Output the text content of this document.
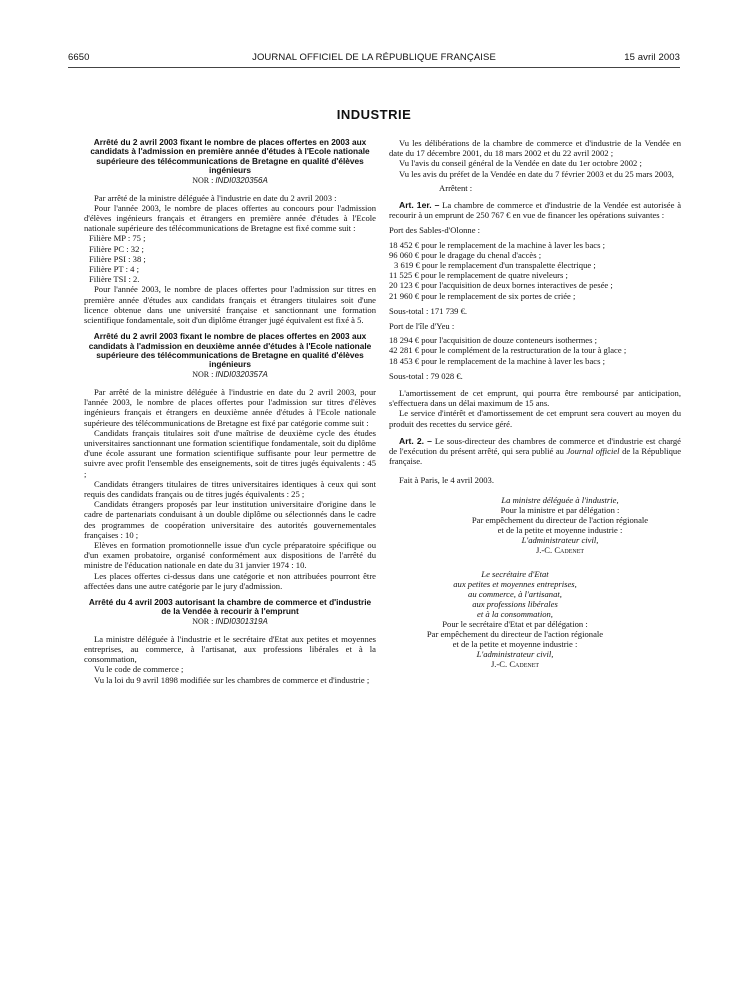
6650	JOURNAL OFFICIEL DE LA RÉPUBLIQUE FRANÇAISE	15 avril 2003
INDUSTRIE
Arrêté du 2 avril 2003 fixant le nombre de places offertes en 2003 aux candidats à l'admission en première année d'études à l'Ecole nationale supérieure des télécommunications de Bretagne en qualité d'élèves ingénieurs
NOR : INDI0320356A

Par arrêté de la ministre déléguée à l'industrie en date du 2 avril 2003 :

Pour l'année 2003, le nombre de places offertes au concours pour l'admission d'élèves ingénieurs français et étrangers en première année d'études à l'Ecole nationale supérieure des télécommunications de Bretagne est fixé comme suit :

Filière MP : 75 ;

Filière PC : 32 ;

Filière PSI : 38 ;

Filière PT : 4 ;

Filière TSI : 2.

Pour l'année 2003, le nombre de places offertes pour l'admission sur titres en première année d'études aux candidats français et étrangers titulaires soit d'une licence obtenue dans une université française et sanctionnant une formation scientifique fondamentale, soit d'un diplôme étranger jugé équivalent est fixé à 5.

Arrêté du 2 avril 2003 fixant le nombre de places offertes en 2003 aux candidats à l'admission en deuxième année d'études à l'Ecole nationale supérieure des télécommunications de Bretagne en qualité d'élèves ingénieurs
NOR : INDI0320357A

Par arrêté de la ministre déléguée à l'industrie en date du 2 avril 2003, pour l'année 2003, le nombre de places offertes pour l'admission sur titres d'élèves ingénieurs français et étrangers en deuxième année d'études à l'Ecole nationale supérieure des télécommunications de Bretagne est fixé par catégorie comme suit :

Candidats français titulaires soit d'une maîtrise de deuxième cycle des études universitaires sanctionnant une formation scientifique fondamentale, soit du diplôme d'une école assurant une formation scientifique suffisante pour leur permettre de suivre avec profit l'ensemble des enseignements, soit de titres jugés équivalents : 45 ;

Candidats étrangers titulaires de titres universitaires identiques à ceux qui sont requis des candidats français ou de titres jugés équivalents : 25 ;

Candidats étrangers proposés par leur institution universitaire d'origine dans le cadre de partenariats conduisant à un double diplôme ou sélectionnés dans le cadre des programmes de coopération universitaire des autorités gouvernementales françaises : 10 ;

Elèves en formation promotionnelle issue d'un cycle préparatoire spécifique ou d'un examen probatoire, organisé conformément aux dispositions de l'arrêté du ministre de l'éducation nationale en date du 31 janvier 1974 : 10.

Les places offertes ci-dessus dans une catégorie et non attribuées pourront être affectées dans une autre catégorie par le jury d'admission.

Arrêté du 4 avril 2003 autorisant la chambre de commerce et d'industrie de la Vendée à recourir à l'emprunt
NOR : INDI0301319A

La ministre déléguée à l'industrie et le secrétaire d'Etat aux petites et moyennes entreprises, au commerce, à l'artisanat, aux professions libérales et à la consommation,

Vu le code de commerce ;

Vu la loi du 9 avril 1898 modifiée sur les chambres de commerce et d'industrie ;

Vu les délibérations de la chambre de commerce et d'industrie de la Vendée en date du 17 décembre 2001, du 18 mars 2002 et du 22 avril 2002 ;

Vu l'avis du conseil général de la Vendée en date du 1er octobre 2002 ;

Vu les avis du préfet de la Vendée en date du 7 février 2003 et du 25 mars 2003,

Arrêtent :

Art. 1er. – La chambre de commerce et d'industrie de la Vendée est autorisée à recourir à un emprunt de 250 767 € en vue de financer les opérations suivantes :

Port des Sables-d'Olonne :

18 452 € pour le remplacement de la machine à laver les bacs ;

96 060 € pour le dragage du chenal d'accès ;

3 619 € pour le remplacement d'un transpalette électrique ;

11 525 € pour le remplacement de quatre niveleurs ;

20 123 € pour l'acquisition de deux bornes interactives de pesée ;

21 960 € pour le remplacement de six portes de criée ;

Sous-total : 171 739 €.

Port de l'île d'Yeu :

18 294 € pour l'acquisition de douze conteneurs isothermes ;

42 281 € pour le complément de la restructuration de la tour à glace ;

18 453 € pour le remplacement de la machine à laver les bacs ;

Sous-total : 79 028 €.

L'amortissement de cet emprunt, qui pourra être remboursé par anticipation, s'effectuera dans un délai maximum de 15 ans.

Le service d'intérêt et d'amortissement de cet emprunt sera couvert au moyen du produit des recettes du service géré.

Art. 2. – Le sous-directeur des chambres de commerce et d'industrie est chargé de l'exécution du présent arrêté, qui sera publié au Journal officiel de la République française.

Fait à Paris, le 4 avril 2003.

La ministre déléguée à l'industrie,
Pour la ministre et par délégation :
Par empêchement du directeur de l'action régionale
et de la petite et moyenne industrie :
L'administrateur civil,
J.-C. Cadenet
Le secrétaire d'Etat
aux petites et moyennes entreprises,
au commerce, à l'artisanat,
aux professions libérales
et à la consommation,
Pour le secrétaire d'Etat et par délégation :
Par empêchement du directeur de l'action régionale
et de la petite et moyenne industrie :
L'administrateur civil,
J.-C. Cadenet
